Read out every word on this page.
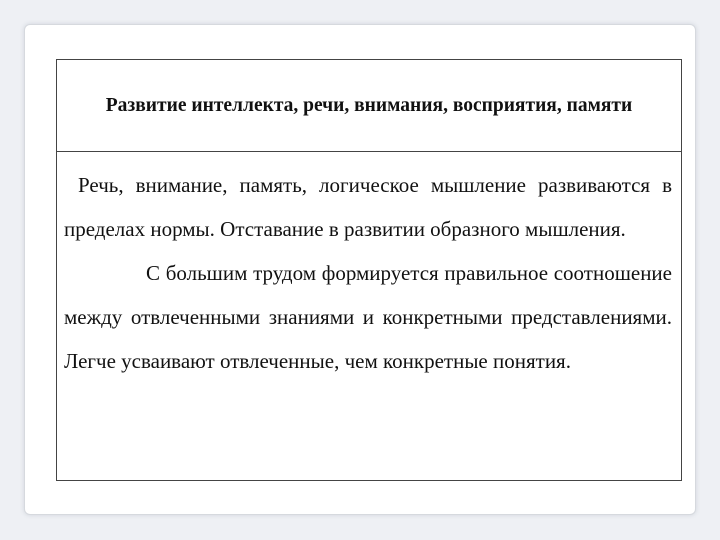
Развитие интеллекта, речи, внимания, восприятия, памяти

Речь, внимание, память, логическое мышление развиваются в пределах нормы. Отставание в развитии образного мышления.

С большим трудом формируется правильное соотношение между отвлеченными знаниями и конкретными представлениями. Легче усваивают отвлеченные, чем конкретные понятия.
